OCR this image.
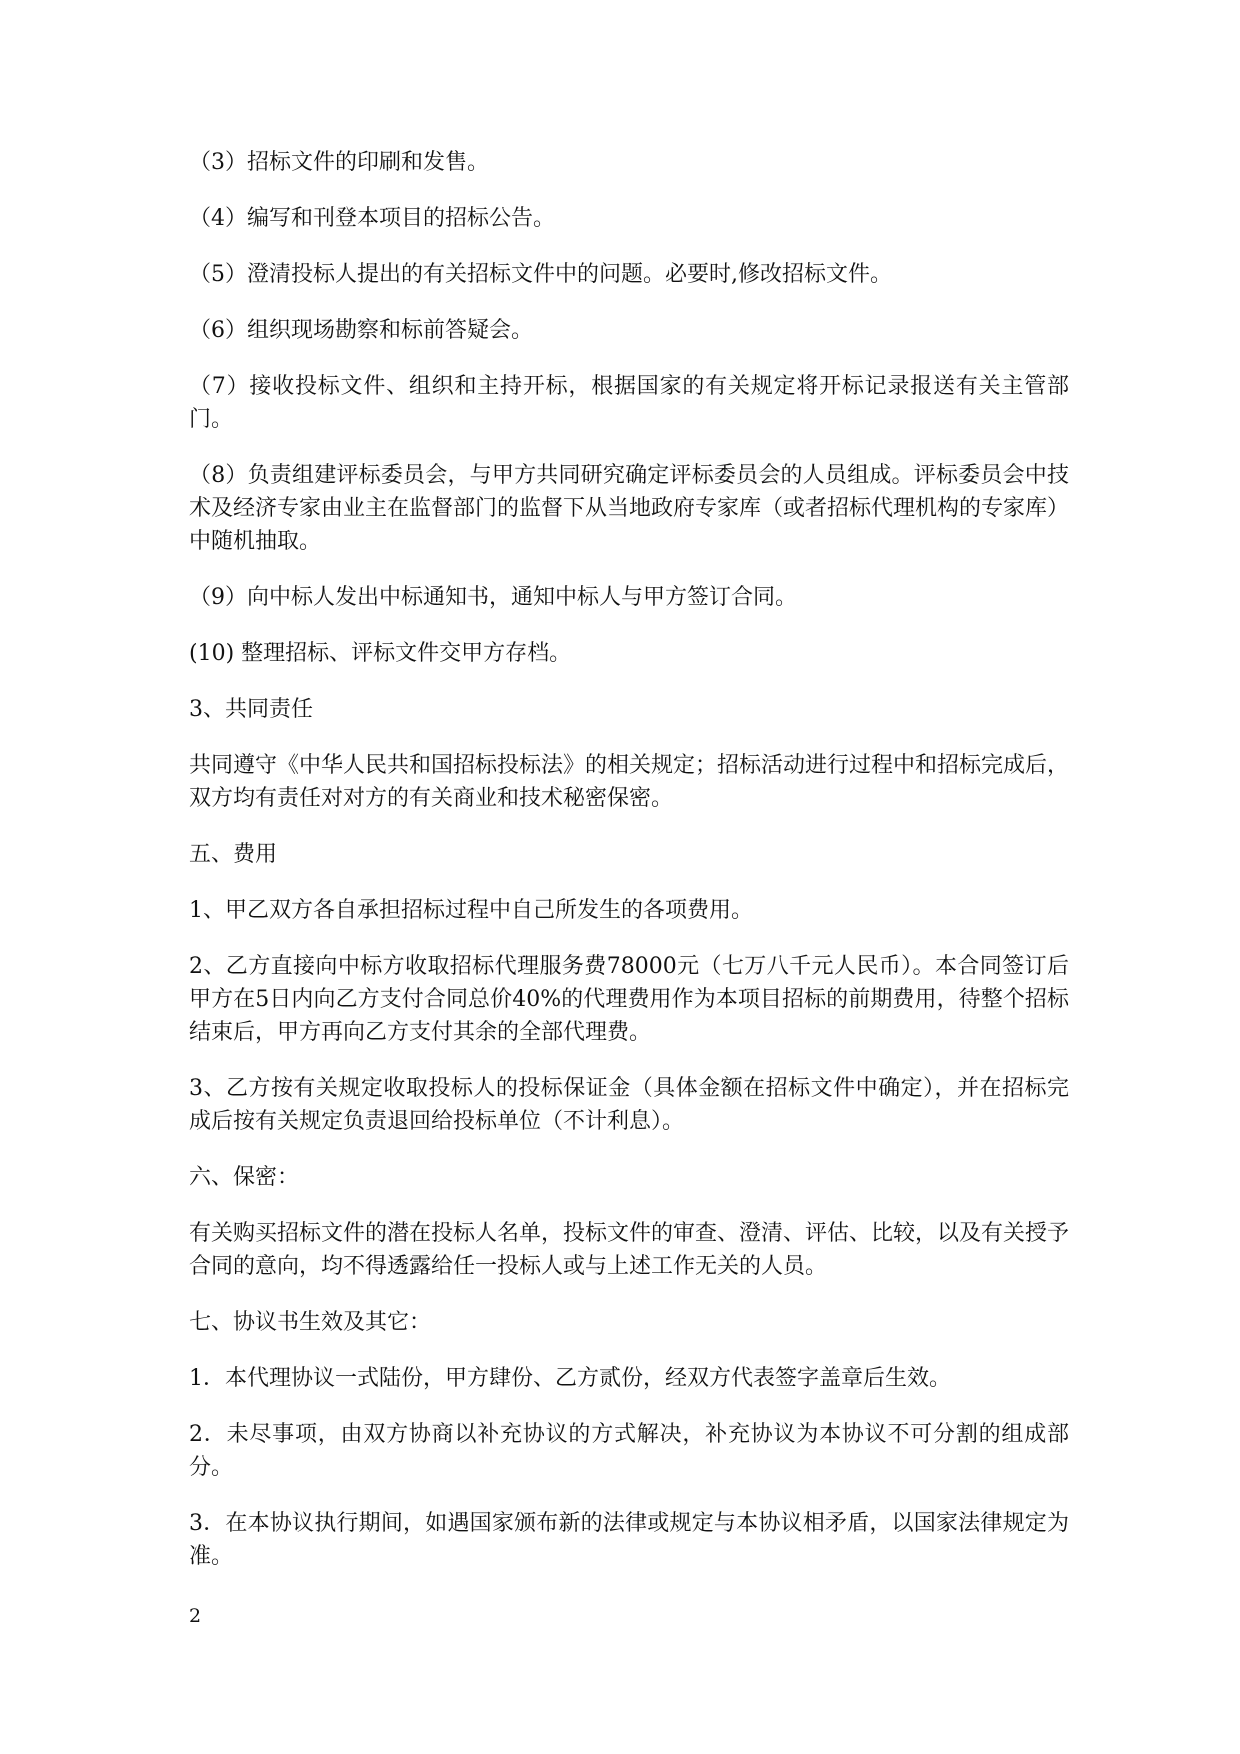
（3）招标文件的印刷和发售。

（4）编写和刊登本项目的招标公告。

（5）澄清投标人提出的有关招标文件中的问题。必要时,修改招标文件。

（6）组织现场勘察和标前答疑会。

（7）接收投标文件、组织和主持开标，根据国家的有关规定将开标记录报送有关主管部门。

（8）负责组建评标委员会，与甲方共同研究确定评标委员会的人员组成。评标委员会中技术及经济专家由业主在监督部门的监督下从当地政府专家库（或者招标代理机构的专家库）中随机抽取。

（9）向中标人发出中标通知书，通知中标人与甲方签订合同。

(10) 整理招标、评标文件交甲方存档。

3、共同责任

共同遵守《中华人民共和国招标投标法》的相关规定；招标活动进行过程中和招标完成后，双方均有责任对对方的有关商业和技术秘密保密。

五、费用

1、甲乙双方各自承担招标过程中自己所发生的各项费用。

2、乙方直接向中标方收取招标代理服务费78000元（七万八千元人民币）。本合同签订后甲方在5日内向乙方支付合同总价40%的代理费用作为本项目招标的前期费用，待整个招标结束后，甲方再向乙方支付其余的全部代理费。

3、乙方按有关规定收取投标人的投标保证金（具体金额在招标文件中确定），并在招标完成后按有关规定负责退回给投标单位（不计利息）。

六、保密：

有关购买招标文件的潜在投标人名单，投标文件的审查、澄清、评估、比较，以及有关授予合同的意向，均不得透露给任一投标人或与上述工作无关的人员。

七、协议书生效及其它：

1．本代理协议一式陆份，甲方肆份、乙方贰份，经双方代表签字盖章后生效。

2．未尽事项，由双方协商以补充协议的方式解决，补充协议为本协议不可分割的组成部分。

3．在本协议执行期间，如遇国家颁布新的法律或规定与本协议相矛盾，以国家法律规定为准。

2
